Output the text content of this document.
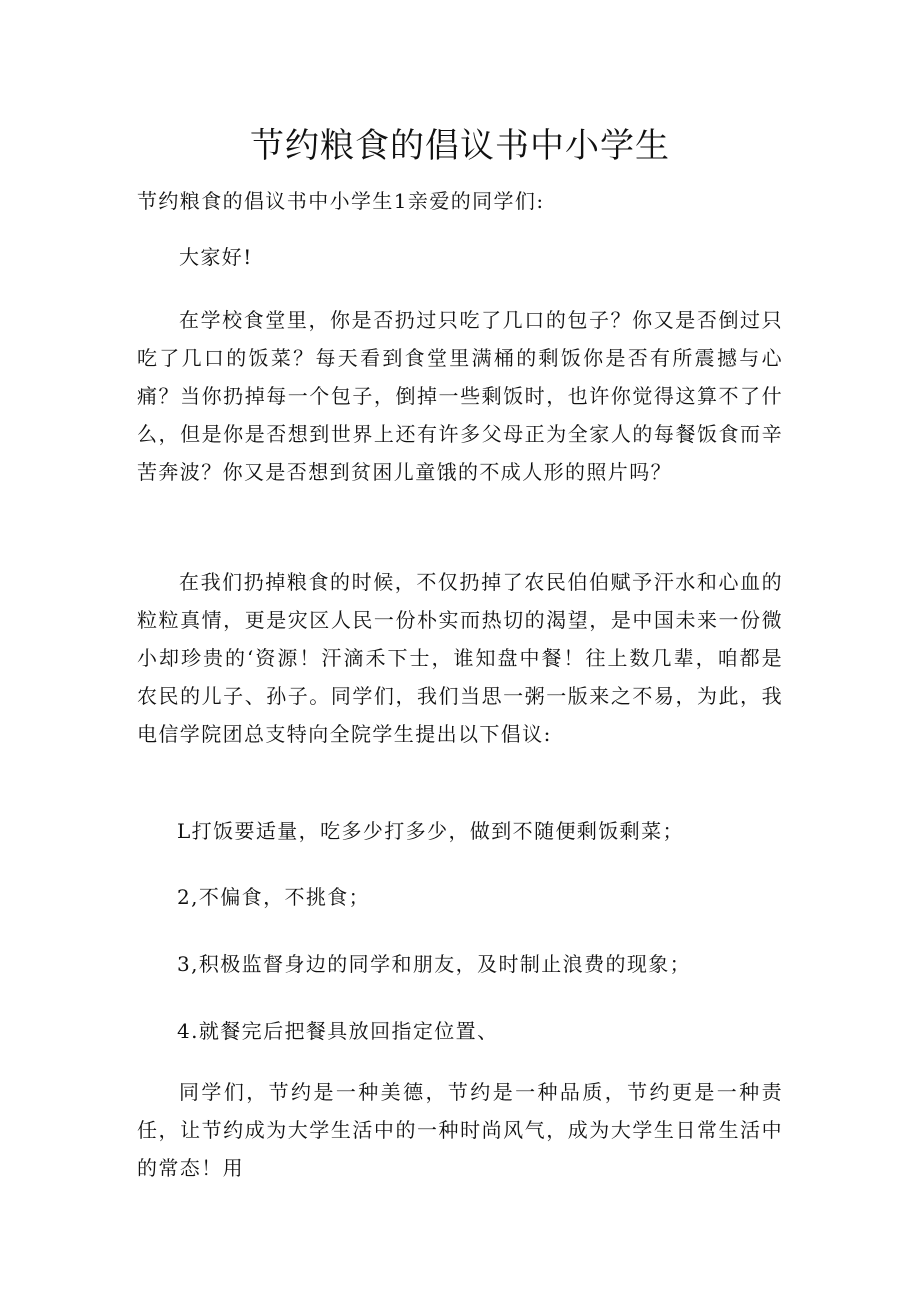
节约粮食的倡议书中小学生

节约粮食的倡议书中小学生1亲爱的同学们:

大家好!

在学校食堂里，你是否扔过只吃了几口的包子？你又是否倒过只吃了几口的饭菜？每天看到食堂里满桶的剩饭你是否有所震撼与心痛？当你扔掉每一个包子，倒掉一些剩饭时，也许你觉得这算不了什么，但是你是否想到世界上还有许多父母正为全家人的每餐饭食而辛苦奔波？你又是否想到贫困儿童饿的不成人形的照片吗？

在我们扔掉粮食的时候，不仅扔掉了农民伯伯赋予汗水和心血的粒粒真情，更是灾区人民一份朴实而热切的渴望，是中国未来一份微小却珍贵的‘资源！汗滴禾下士，谁知盘中餐！往上数几辈，咱都是农民的儿子、孙子。同学们，我们当思一粥一版来之不易，为此，我电信学院团总支特向全院学生提出以下倡议:

L打饭要适量，吃多少打多少，做到不随便剩饭剩菜；

2,不偏食，不挑食；

3,积极监督身边的同学和朋友，及时制止浪费的现象；

4.就餐完后把餐具放回指定位置、

同学们，节约是一种美德，节约是一种品质，节约更是一种责任，让节约成为大学生活中的一种时尚风气，成为大学生日常生活中的常态！用
